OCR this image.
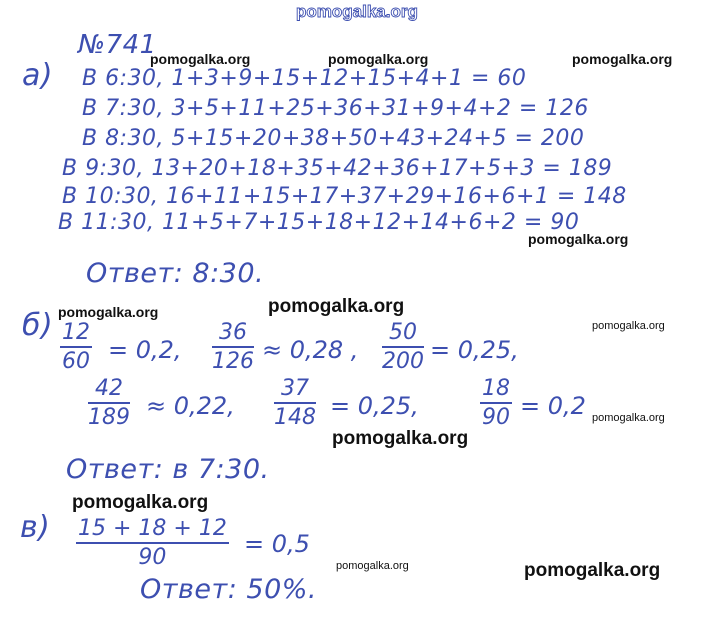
pomogalka.org
№741
а) В 6:30, 1+3+9+15+12+15+4+1 = 60
В 7:30, 3+5+11+25+36+31+9+4+2 = 126
В 8:30, 5+15+20+38+50+43+24+5 = 200
В 9:30, 13+20+18+35+42+36+17+5+3 = 189
В 10:30, 16+11+15+17+37+29+16+6+1 = 148
В 11:30, 11+5+7+15+18+12+14+6+2 = 90
Ответ: 8:30.
б) 12
60 = 0,2,
36
126 ≈ 0,28 ,
50
200 = 0,25,
42
189 ≈ 0,22,
37
148 = 0,25,
18
90 = 0,2
Ответ: в 7:30.
в) 15 + 18 + 12
90	= 0,5
Ответ: 50%.
pomogalka.org	pomogalka.org	pomogalka.org
pomogalka.org
pomogalka.org	pomogalka.org
pomogalka.org
pomogalka.org
pomogalka.org
pomogalka.org
pomogalka.org	pomogalka.org
